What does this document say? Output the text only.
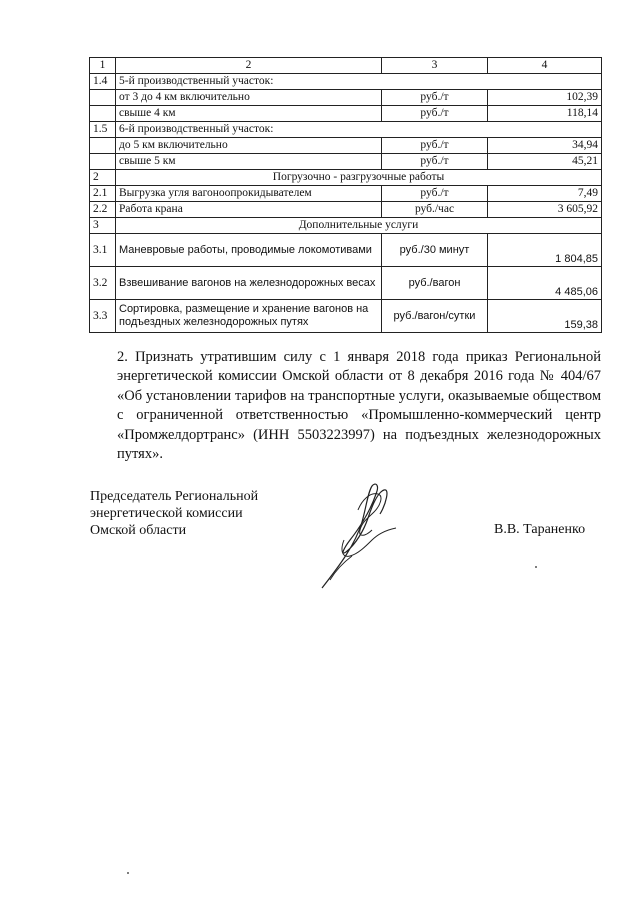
1	2	3	4
1.4	5-й производственный участок:		
	от 3 до 4 км включительно	руб./т	102,39
	свыше 4 км	руб./т	118,14
1.5	6-й производственный участок:		
	до 5 км включительно	руб./т	34,94
	свыше 5 км	руб./т	45,21
2	Погрузочно - разгрузочные работы		
2.1	Выгрузка угля вагоноопрокидывателем	руб./т	7,49
2.2	Работа крана	руб./час	3 605,92
3	Дополнительные услуги		
3.1	Маневровые работы, проводимые локомотивами	руб./30 минут	1 804,85
3.2	Взвешивание вагонов на железнодорожных весах	руб./вагон	4 485,06
3.3	Сортировка, размещение и хранение вагонов на подъездных железнодорожных путях	руб./вагон/сутки	159,38

2. Признать утратившим силу с 1 января 2018 года приказ Региональной энергетической комиссии Омской области от 8 декабря 2016 года № 404/67 «Об установлении тарифов на транспортные услуги, оказываемые обществом с ограниченной ответственностью «Промышленно-коммерческий центр «Промжелдортранс» (ИНН 5503223997) на подъездных железнодорожных путях».

Председатель Региональной
энергетической комиссии
Омской области	В.В. Тараненко
